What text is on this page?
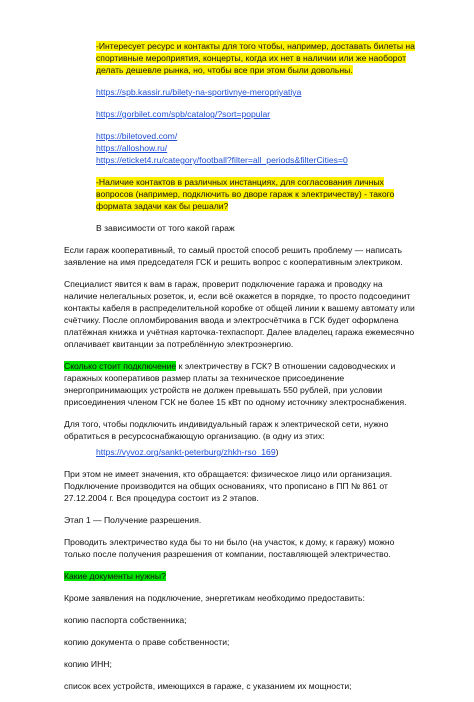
-Интересует ресурс и контакты для того чтобы, например, доставать билеты на спортивные мероприятия, концерты, когда их нет в наличии или же наоборот делать дешевле рынка, но, чтобы все при этом были довольны.

https://spb.kassir.ru/bilety-na-sportivnye-meropriyatiya
https://gorbilet.com/spb/catalog/?sort=popular
https://biletoved.com/
https://alloshow.ru/
https://eticket4.ru/category/football?filter=all_periods&filterCities=0

-Наличие контактов в различных инстанциях, для согласования личных вопросов (например, подключить во дворе гараж к электричеству) - такого формата задачи как бы решали?

В зависимости от того какой гараж

Если гараж кооперативный, то самый простой способ решить проблему — написать заявление на имя председателя ГСК и решить вопрос с кооперативным электриком.

Специалист явится к вам в гараж, проверит подключение гаража и проводку на наличие нелегальных розеток, и, если всё окажется в порядке, то просто подсоединит контакты кабеля в распределительной коробке от общей линии к вашему автомату или счётчику. После опломбирования ввода и электросчётчика в ГСК будет оформлена платёжная книжка и учётная карточка-техпаспорт. Далее владелец гаража ежемесячно оплачивает квитанции за потреблённую электроэнергию.

Сколько стоит подключение к электричеству в ГСК? В отношении садоводческих и гаражных кооперативов размер платы за техническое присоединение энергопринимающих устройств не должен превышать 550 рублей, при условии присоединения членом ГСК не более 15 кВт по одному источнику электроснабжения.

Для того, чтобы подключить индивидуальный гараж к электрической сети, нужно обратиться в ресурсоснабжающую организацию. (в одну из этих:

https://vyvoz.org/sankt-peterburg/zhkh-rso_169)

При этом не имеет значения, кто обращается: физическое лицо или организация. Подключение производится на общих основаниях, что прописано в ПП № 861 от 27.12.2004 г. Вся процедура состоит из 2 этапов.

Этап 1 — Получение разрешения.

Проводить электричество куда бы то ни было (на участок, к дому, к гаражу) можно только после получения разрешения от компании, поставляющей электричество.

Какие документы нужны?

Кроме заявления на подключение, энергетикам необходимо предоставить:

копию паспорта собственника;

копию документа о праве собственности;

копию ИНН;

список всех устройств, имеющихся в гараже, с указанием их мощности;
